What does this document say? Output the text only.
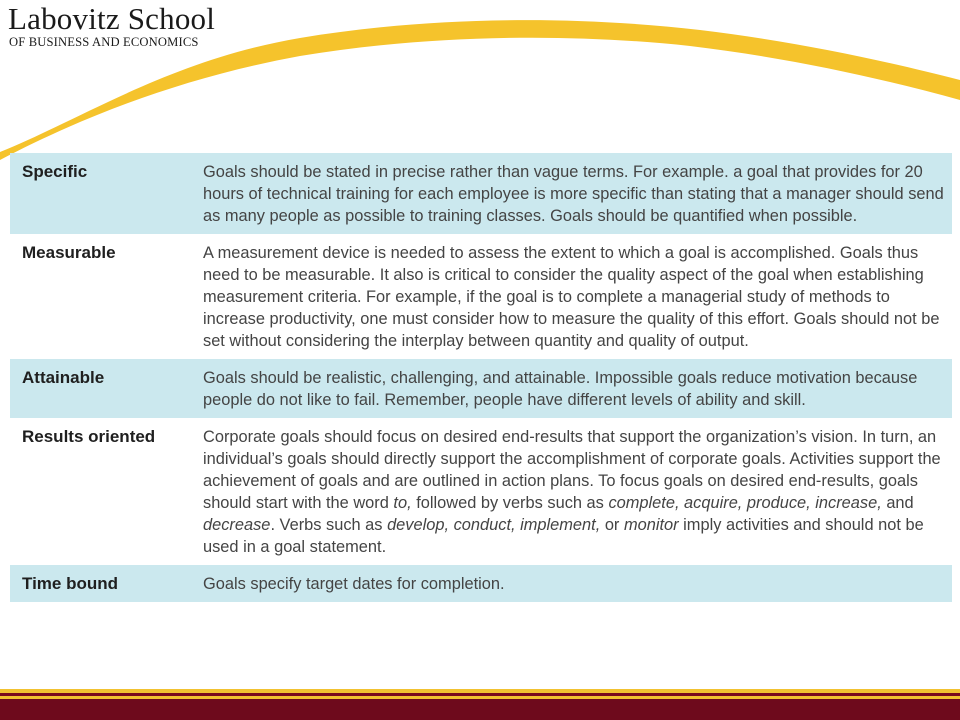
Labovitz School
OF BUSINESS AND ECONOMICS
Specific	Goals should be stated in precise rather than vague terms. For example. a goal that provides for 20 hours of technical training for each employee is more specific than stating that a manager should send as many people as possible to training classes. Goals should be quantified when possible.
Measurable	A measurement device is needed to assess the extent to which a goal is accomplished. Goals thus need to be measurable. It also is critical to consider the quality aspect of the goal when establishing measurement criteria. For example, if the goal is to complete a managerial study of methods to increase productivity, one must consider how to measure the quality of this effort. Goals should not be set without considering the interplay between quantity and quality of output.
Attainable	Goals should be realistic, challenging, and attainable. Impossible goals reduce motivation because people do not like to fail. Remember, people have different levels of ability and skill.
Results oriented	Corporate goals should focus on desired end-results that support the organization’s vision. In turn, an individual’s goals should directly support the accomplishment of corporate goals. Activities support the achievement of goals and are outlined in action plans. To focus goals on desired end-results, goals should start with the word to, followed by verbs such as complete, acquire, produce, increase, and decrease. Verbs such as develop, conduct, implement, or monitor imply activities and should not be used in a goal statement.
Time bound	Goals specify target dates for completion.
